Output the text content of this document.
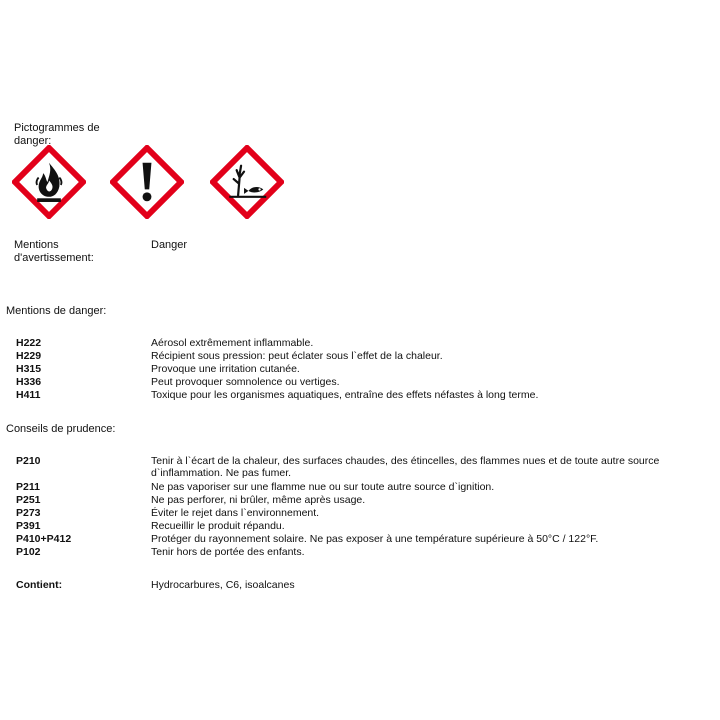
Pictogrammes de danger:
Mentions d'avertissement:
Danger
Mentions de danger:
H222	Aérosol extrêmement inflammable.
H229	Récipient sous pression: peut éclater sous l`effet de la chaleur.
H315	Provoque une irritation cutanée.
H336	Peut provoquer somnolence ou vertiges.
H411	Toxique pour les organismes aquatiques, entraîne des effets néfastes à long terme.
Conseils de prudence:
P210	Tenir à l`écart de la chaleur, des surfaces chaudes, des étincelles, des flammes nues et de toute autre source d`inflammation. Ne pas fumer.
P211	Ne pas vaporiser sur une flamme nue ou sur toute autre source d`ignition.
P251	Ne pas perforer, ni brûler, même après usage.
P273	Éviter le rejet dans l`environnement.
P391	Recueillir le produit répandu.
P410+P412	Protéger du rayonnement solaire. Ne pas exposer à une température supérieure à 50°C / 122°F.
P102	Tenir hors de portée des enfants.
Contient:	Hydrocarbures, C6, isoalcanes
